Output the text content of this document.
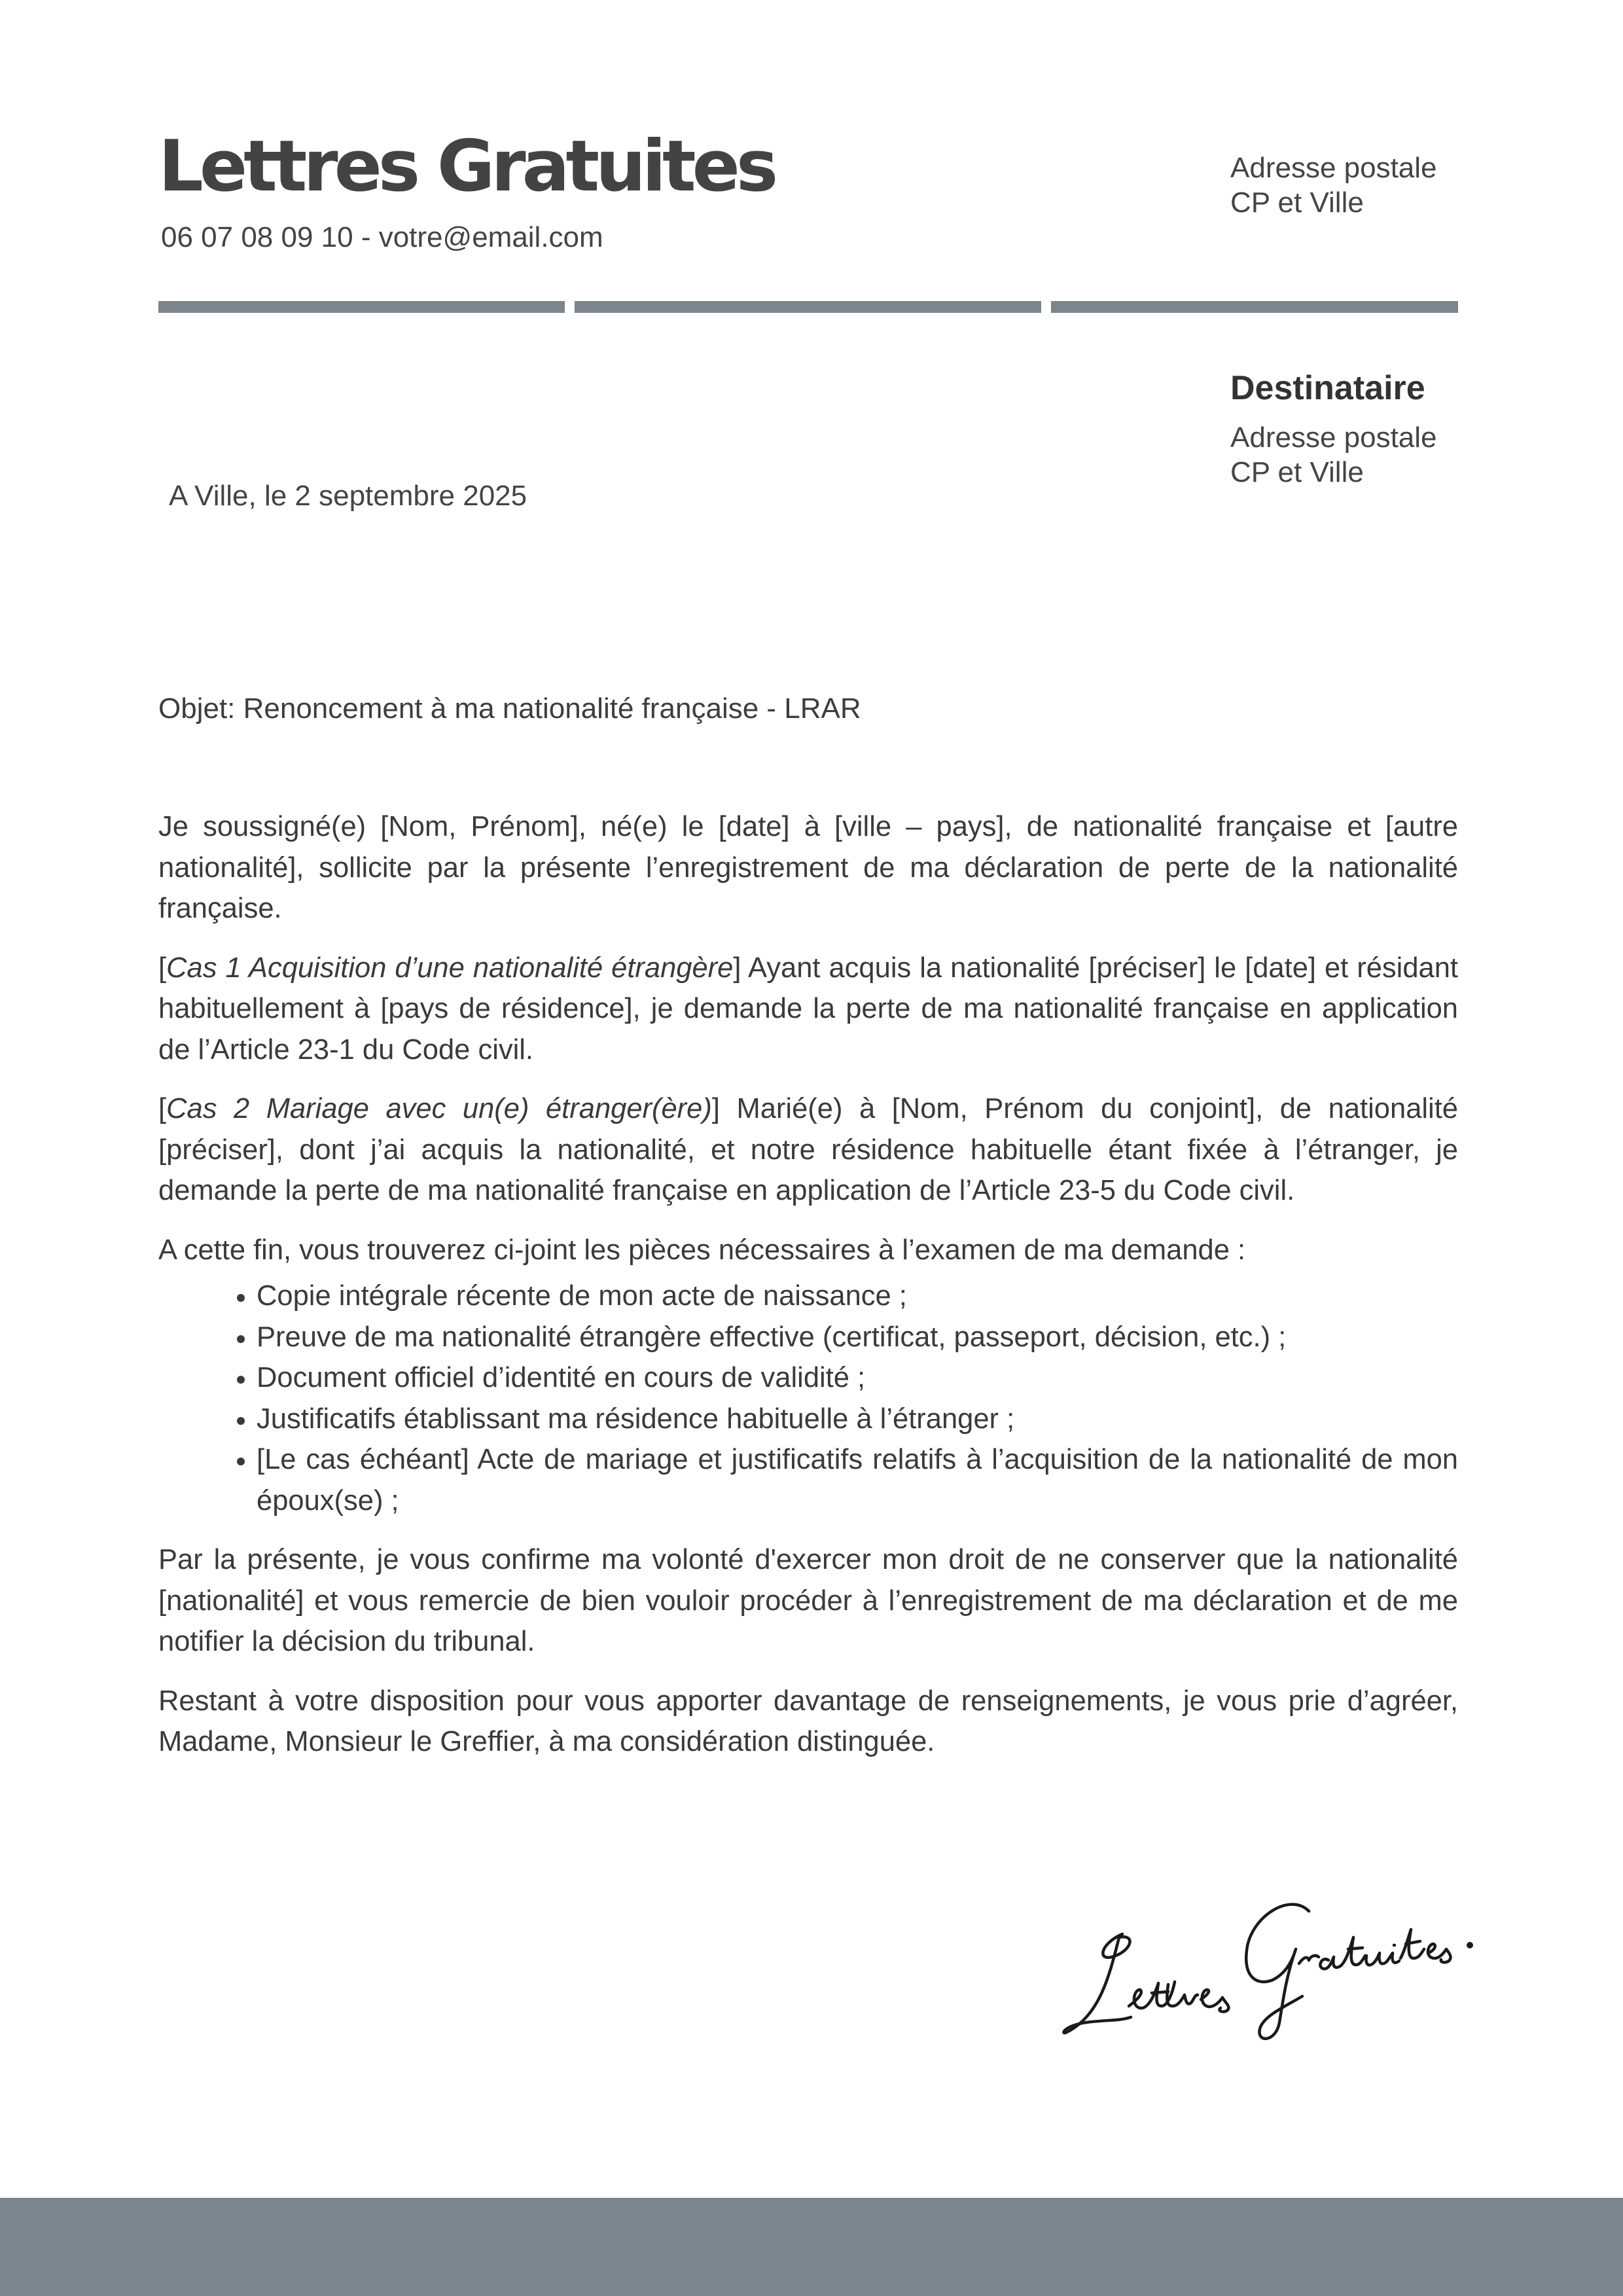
Lettres Gratuites
06 07 08 09 10 - votre@email.com
Adresse postale
CP et Ville
Destinataire
Adresse postale
CP et Ville
A Ville, le 2 septembre 2025
Objet: Renoncement à ma nationalité française - LRAR

Je soussigné(e) [Nom, Prénom], né(e) le [date] à [ville – pays], de nationalité française et [autre nationalité], sollicite par la présente l’enregistrement de ma déclaration de perte de la nationalité française.

[Cas 1 Acquisition d’une nationalité étrangère] Ayant acquis la nationalité [préciser] le [date] et résidant habituellement à [pays de résidence], je demande la perte de ma nationalité française en application de l’Article 23-1 du Code civil.

[Cas 2 Mariage avec un(e) étranger(ère)] Marié(e) à [Nom, Prénom du conjoint], de nationalité [préciser], dont j’ai acquis la nationalité, et notre résidence habituelle étant fixée à l’étranger, je demande la perte de ma nationalité française en application de l’Article 23-5 du Code civil.

A cette fin, vous trouverez ci-joint les pièces nécessaires à l’examen de ma demande :

• Copie intégrale récente de mon acte de naissance ;
• Preuve de ma nationalité étrangère effective (certificat, passeport, décision, etc.) ;
• Document officiel d’identité en cours de validité ;
• Justificatifs établissant ma résidence habituelle à l’étranger ;
• [Le cas échéant] Acte de mariage et justificatifs relatifs à l’acquisition de la nationalité de mon époux(se) ;

Par la présente, je vous confirme ma volonté d'exercer mon droit de ne conserver que la nationalité [nationalité] et vous remercie de bien vouloir procéder à l’enregistrement de ma déclaration et de me notifier la décision du tribunal.

Restant à votre disposition pour vous apporter davantage de renseignements, je vous prie d’agréer, Madame, Monsieur le Greffier, à ma considération distinguée.
